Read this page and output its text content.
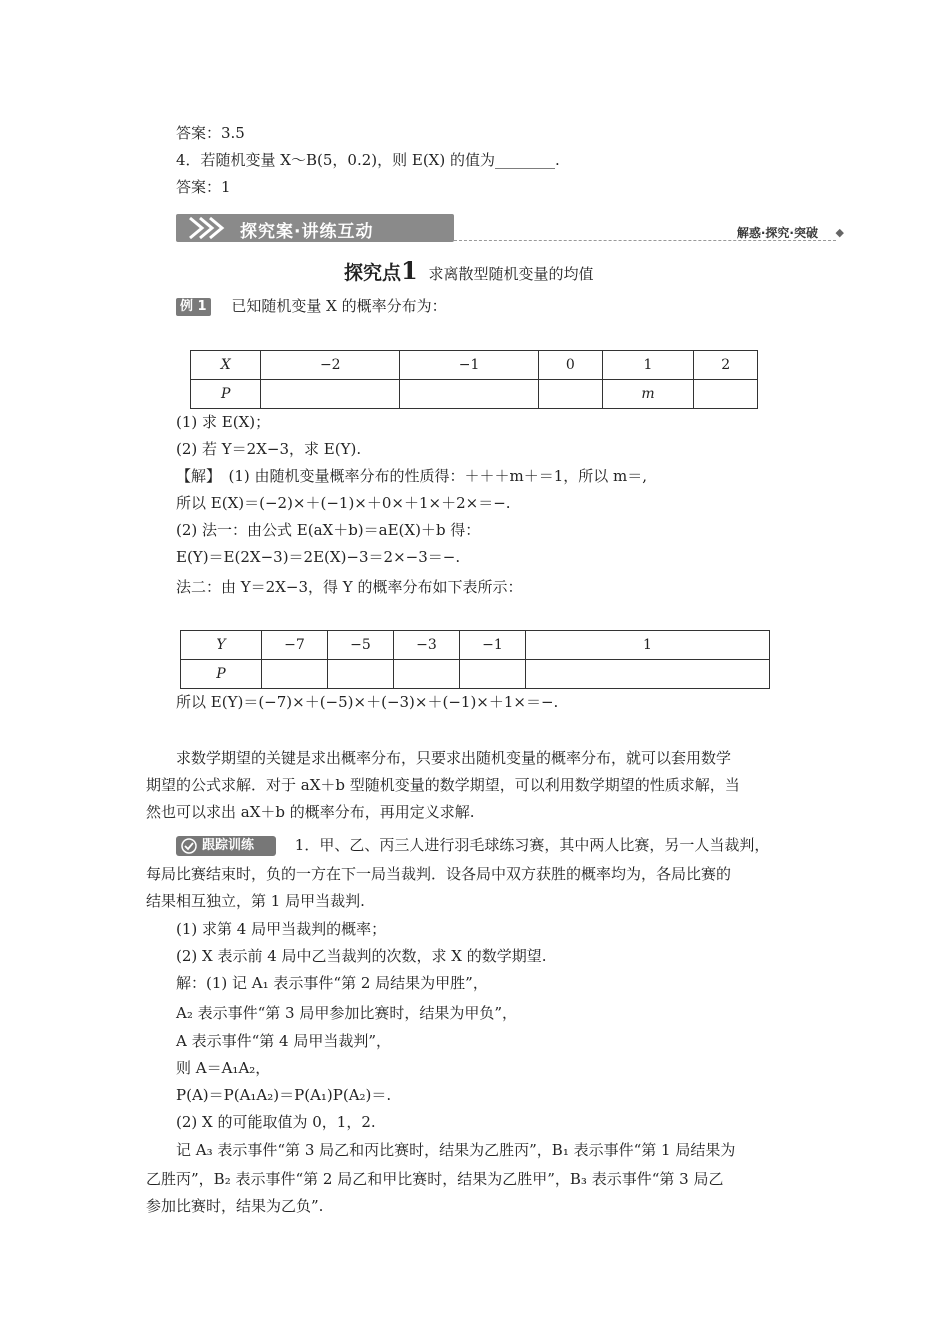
答案：3.5
4．若随机变量 X～B(5，0.2)，则 E(X) 的值为________.
答案：1
探究案·讲练互动	解惑·探究·突破 ◆
探究点1 求离散型随机变量的均值
例 1 已知随机变量 X 的概率分布为：
X	−2	−1	0	1	2
P				m	
(1) 求 E(X)；
(2) 若 Y＝2X−3，求 E(Y).
【解】　(1) 由随机变量概率分布的性质得：＋＋＋m＋＝1，所以 m＝,
所以 E(X)＝(−2)×＋(−1)×＋0×＋1×＋2×＝−.
(2) 法一：由公式 E(aX＋b)＝aE(X)＋b 得：
E(Y)＝E(2X−3)＝2E(X)−3＝2×−3＝−.
法二：由 Y＝2X−3，得 Y 的概率分布如下表所示：
Y	−7	−5	−3	−1	1
P					
所以 E(Y)＝(−7)×＋(−5)×＋(−3)×＋(−1)×＋1×＝−.
求数学期望的关键是求出概率分布，只要求出随机变量的概率分布，就可以套用数学
期望的公式求解．对于 aX＋b 型随机变量的数学期望，可以利用数学期望的性质求解，当
然也可以求出 aX＋b 的概率分布，再用定义求解.
跟踪训练	1．甲、乙、丙三人进行羽毛球练习赛，其中两人比赛，另一人当裁判，
每局比赛结束时，负的一方在下一局当裁判．设各局中双方获胜的概率均为，各局比赛的
结果相互独立，第 1 局甲当裁判.
(1) 求第 4 局甲当裁判的概率；
(2) X 表示前 4 局中乙当裁判的次数，求 X 的数学期望.
解：(1) 记 A₁ 表示事件“第 2 局结果为甲胜”，
A₂ 表示事件“第 3 局甲参加比赛时，结果为甲负”，
A 表示事件“第 4 局甲当裁判”，
则 A＝A₁A₂，
P(A)＝P(A₁A₂)＝P(A₁)P(A₂)＝.
(2) X 的可能取值为 0，1，2.
记 A₃ 表示事件“第 3 局乙和丙比赛时，结果为乙胜丙”，B₁ 表示事件“第 1 局结果为
乙胜丙”，B₂ 表示事件“第 2 局乙和甲比赛时，结果为乙胜甲”，B₃ 表示事件“第 3 局乙
参加比赛时，结果为乙负”.
